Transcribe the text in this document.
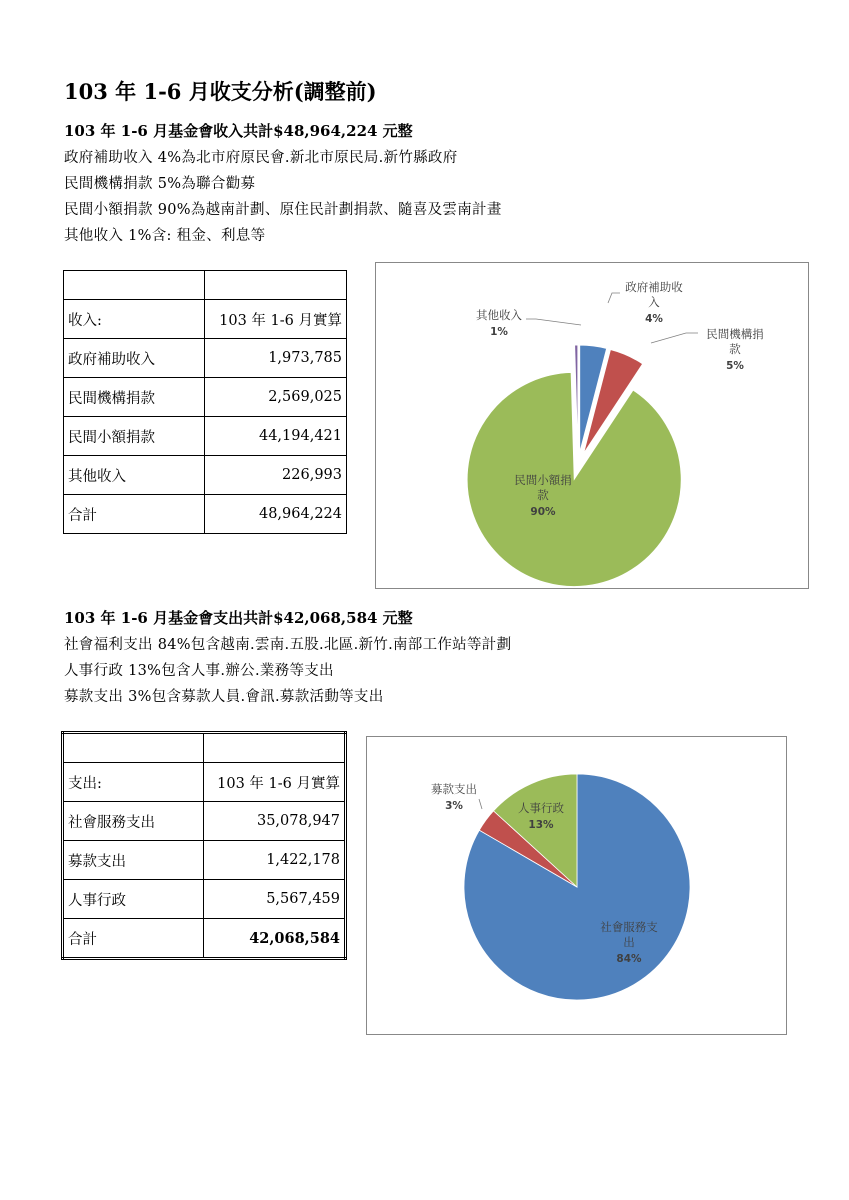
103 年 1-6 月收支分析(調整前)
103 年 1-6 月基金會收入共計$48,964,224 元整
政府補助收入 4%為北市府原民會.新北市原民局.新竹縣政府
民間機構捐款 5%為聯合勸募
民間小額捐款 90%為越南計劃、原住民計劃捐款、隨喜及雲南計畫
其他收入 1%含: 租金、利息等

收入:	103 年 1-6 月實算
政府補助收入	1,973,785
民間機構捐款	2,569,025
民間小額捐款	44,194,421
其他收入	226,993
合計	48,964,224
政府補助收
入
4%
民間機構捐
款
5%
民間小額捐
款
90%
其他收入
1%
103 年 1-6 月基金會支出共計$42,068,584 元整
社會福利支出 84%包含越南.雲南.五股.北區.新竹.南部工作站等計劃
人事行政 13%包含人事.辦公.業務等支出
募款支出 3%包含募款人員.會訊.募款活動等支出

支出:	103 年 1-6 月實算
社會服務支出	35,078,947
募款支出	1,422,178
人事行政	5,567,459
合計	42,068,584
社會服務支
出
84%
募款支出
3%	人事行政
13%
